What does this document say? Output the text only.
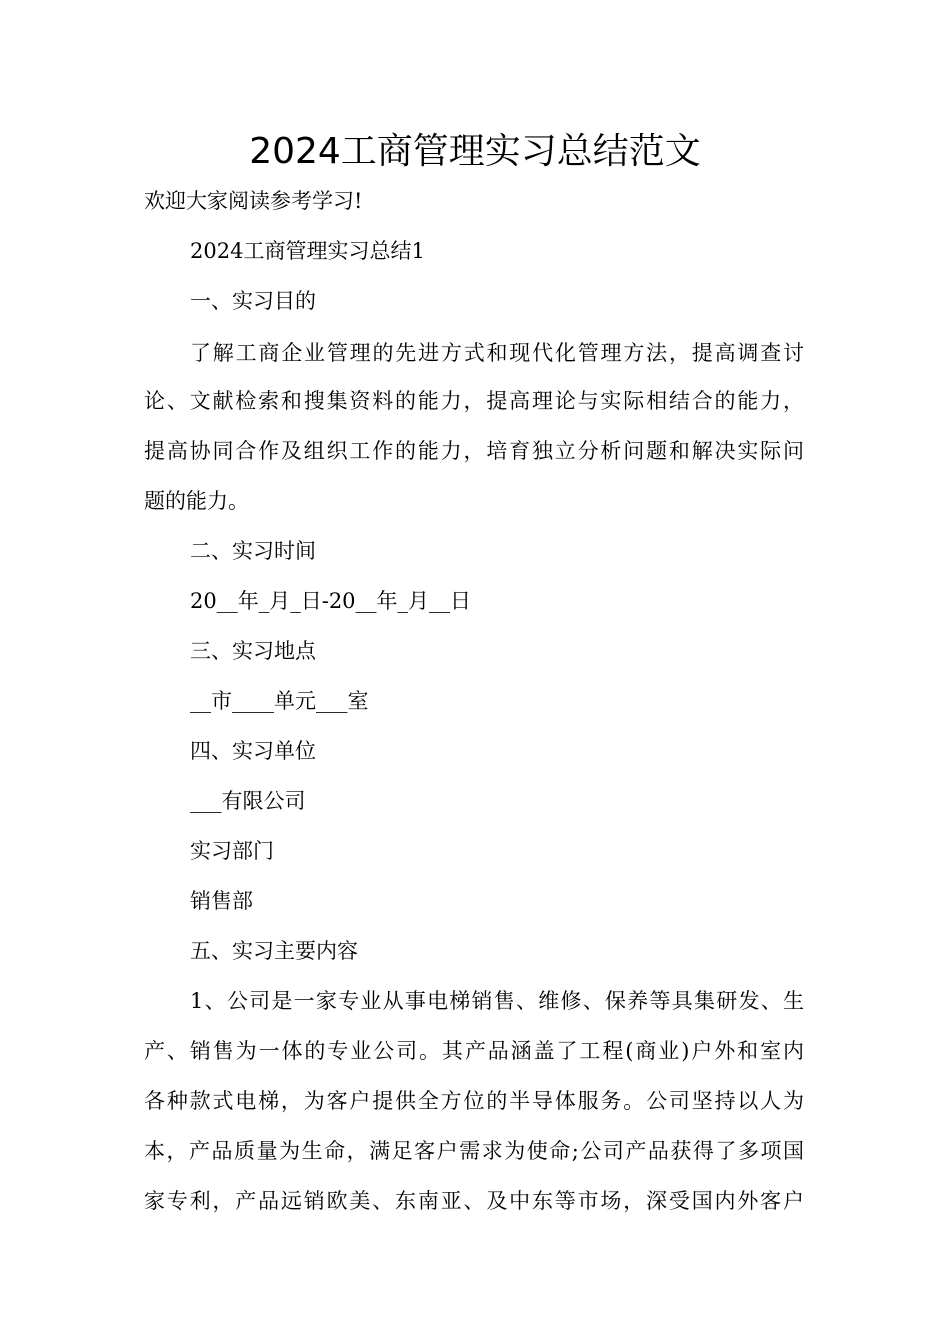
2024工商管理实习总结范文
欢迎大家阅读参考学习!
2024工商管理实习总结1
一、实习目的
了解工商企业管理的先进方式和现代化管理方法，提高调查讨
论、文献检索和搜集资料的能力，提高理论与实际相结合的能力，
提高协同合作及组织工作的能力，培育独立分析问题和解决实际问
题的能力。
二、实习时间
20__年_月_日-20__年_月__日
三、实习地点
__市____单元___室
四、实习单位
___有限公司
实习部门
销售部
五、实习主要内容
1、公司是一家专业从事电梯销售、维修、保养等具集研发、生
产、销售为一体的专业公司。其产品涵盖了工程(商业)户外和室内
各种款式电梯，为客户提供全方位的半导体服务。公司坚持以人为
本，产品质量为生命，满足客户需求为使命;公司产品获得了多项国
家专利，产品远销欧美、东南亚、及中东等市场，深受国内外客户
